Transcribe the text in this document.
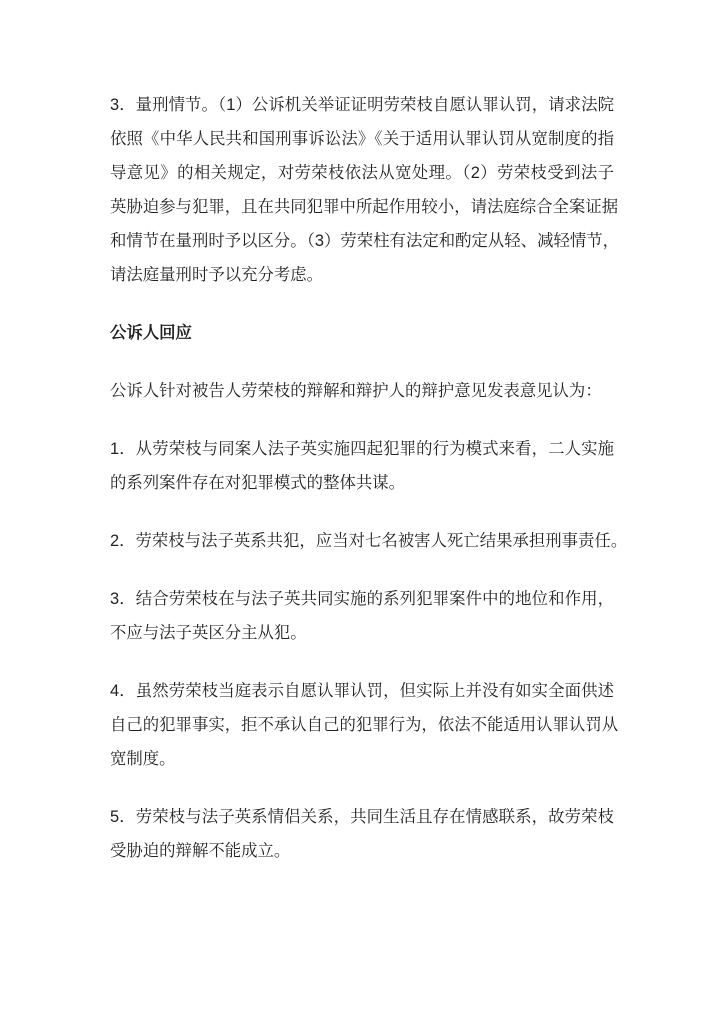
3．量刑情节。（1）公诉机关举证证明劳荣枝自愿认罪认罚，请求法院
依照《中华人民共和国刑事诉讼法》《关于适用认罪认罚从宽制度的指
导意见》的相关规定，对劳荣枝依法从宽处理。（2）劳荣枝受到法子
英胁迫参与犯罪，且在共同犯罪中所起作用较小，请法庭综合全案证据
和情节在量刑时予以区分。（3）劳荣柱有法定和酌定从轻、减轻情节，
请法庭量刑时予以充分考虑。
公诉人回应
公诉人针对被告人劳荣枝的辩解和辩护人的辩护意见发表意见认为：
1．从劳荣枝与同案人法子英实施四起犯罪的行为模式来看，二人实施
的系列案件存在对犯罪模式的整体共谋。
2．劳荣枝与法子英系共犯，应当对七名被害人死亡结果承担刑事责任。
3．结合劳荣枝在与法子英共同实施的系列犯罪案件中的地位和作用，
不应与法子英区分主从犯。
4．虽然劳荣枝当庭表示自愿认罪认罚，但实际上并没有如实全面供述
自己的犯罪事实，拒不承认自己的犯罪行为，依法不能适用认罪认罚从
宽制度。
5．劳荣枝与法子英系情侣关系，共同生活且存在情感联系，故劳荣枝
受胁迫的辩解不能成立。
